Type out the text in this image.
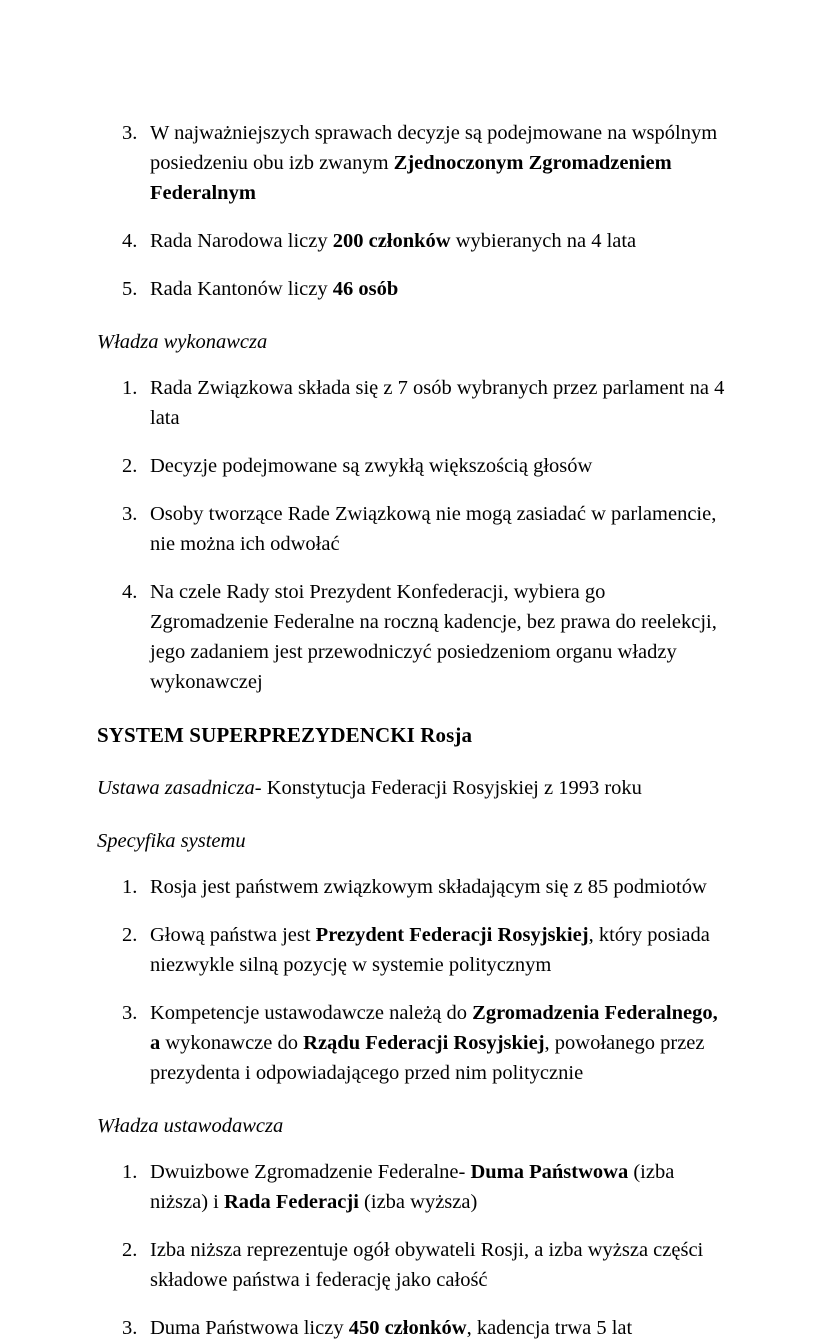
3. W najważniejszych sprawach decyzje są podejmowane na wspólnym posiedzeniu obu izb zwanym Zjednoczonym Zgromadzeniem Federalnym
4. Rada Narodowa liczy 200 członków wybieranych na 4 lata
5. Rada Kantonów liczy 46 osób

Władza wykonawcza

1. Rada Związkowa składa się z 7 osób wybranych przez parlament na 4 lata
2. Decyzje podejmowane są zwykłą większością głosów
3. Osoby tworzące Rade Związkową nie mogą zasiadać w parlamencie, nie można ich odwołać
4. Na czele Rady stoi Prezydent Konfederacji, wybiera go Zgromadzenie Federalne na roczną kadencje, bez prawa do reelekcji, jego zadaniem jest przewodniczyć posiedzeniom organu władzy wykonawczej

SYSTEM SUPERPREZYDENCKI Rosja

Ustawa zasadnicza- Konstytucja Federacji Rosyjskiej z 1993 roku

Specyfika systemu

1. Rosja jest państwem związkowym składającym się z 85 podmiotów
2. Głową państwa jest Prezydent Federacji Rosyjskiej, który posiada niezwykle silną pozycję w systemie politycznym
3. Kompetencje ustawodawcze należą do Zgromadzenia Federalnego, a wykonawcze do Rządu Federacji Rosyjskiej, powołanego przez prezydenta i odpowiadającego przed nim politycznie

Władza ustawodawcza

1. Dwuizbowe Zgromadzenie Federalne- Duma Państwowa (izba niższa) i Rada Federacji (izba wyższa)
2. Izba niższa reprezentuje ogół obywateli Rosji, a izba wyższa części składowe państwa i federację jako całość
3. Duma Państwowa liczy 450 członków, kadencja trwa 5 lat
